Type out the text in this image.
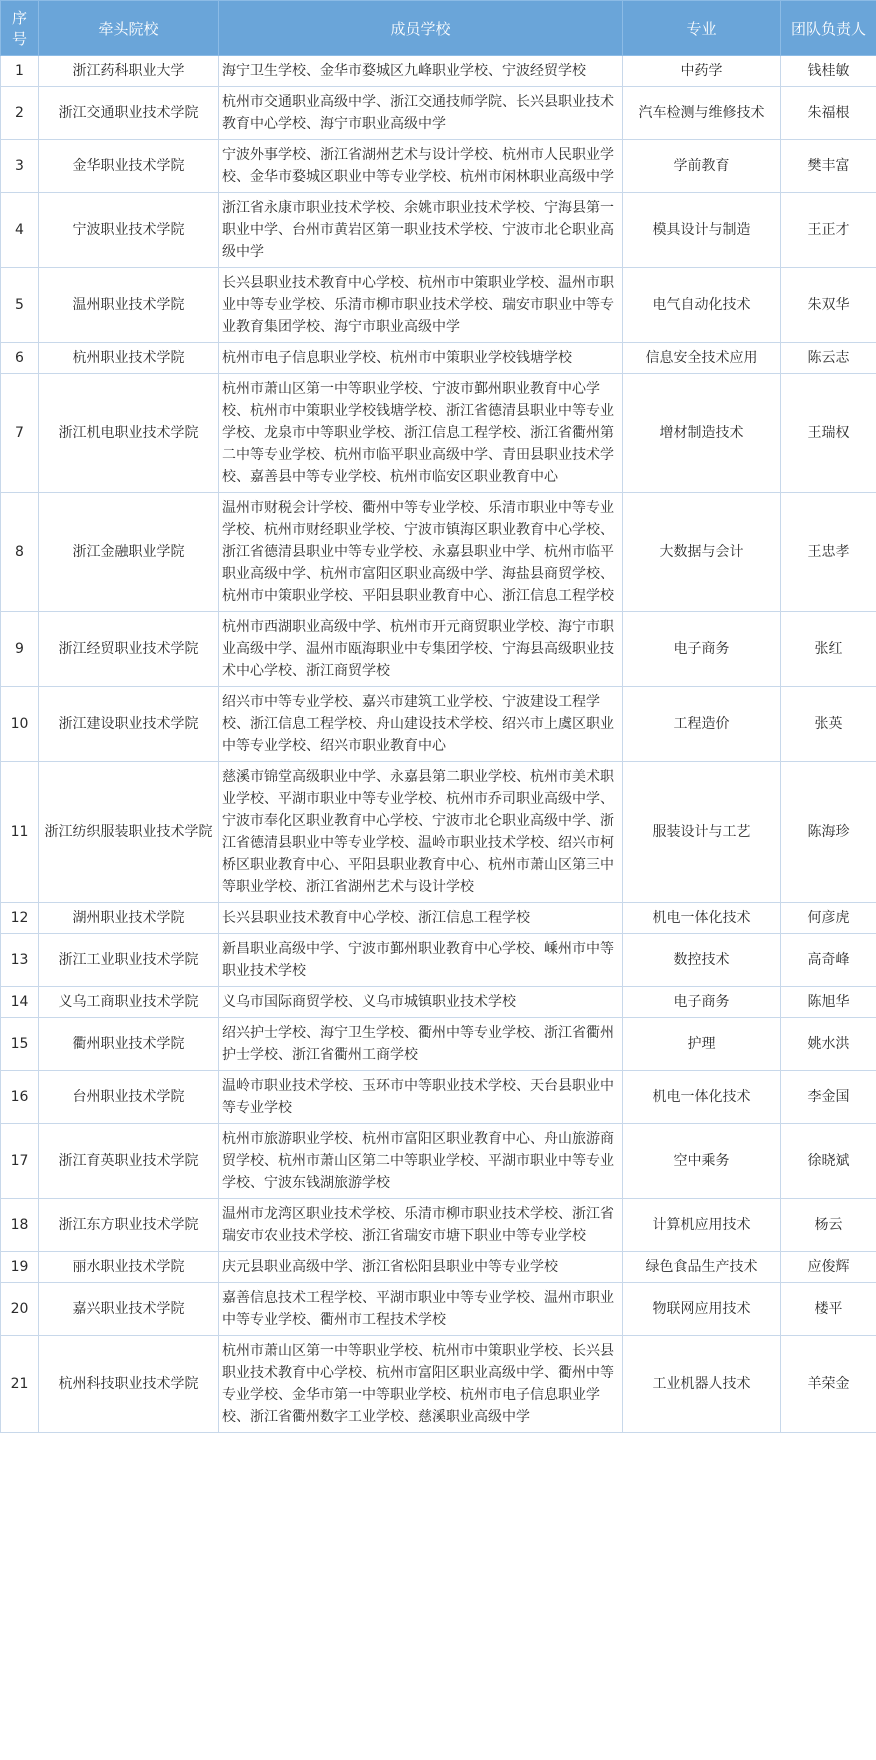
序号	牵头院校	成员学校	专业	团队负责人
1	浙江药科职业大学	海宁卫生学校、金华市婺城区九峰职业学校、宁波经贸学校	中药学	钱桂敏
2	浙江交通职业技术学院	杭州市交通职业高级中学、浙江交通技师学院、长兴县职业技术教育中心学校、海宁市职业高级中学	汽车检测与维修技术	朱福根
3	金华职业技术学院	宁波外事学校、浙江省湖州艺术与设计学校、杭州市人民职业学校、金华市婺城区职业中等专业学校、杭州市闲林职业高级中学	学前教育	樊丰富
4	宁波职业技术学院	浙江省永康市职业技术学校、余姚市职业技术学校、宁海县第一职业中学、台州市黄岩区第一职业技术学校、宁波市北仑职业高级中学	模具设计与制造	王正才
5	温州职业技术学院	长兴县职业技术教育中心学校、杭州市中策职业学校、温州市职业中等专业学校、乐清市柳市职业技术学校、瑞安市职业中等专业教育集团学校、海宁市职业高级中学	电气自动化技术	朱双华
6	杭州职业技术学院	杭州市电子信息职业学校、杭州市中策职业学校钱塘学校	信息安全技术应用	陈云志
7	浙江机电职业技术学院	杭州市萧山区第一中等职业学校、宁波市鄞州职业教育中心学校、杭州市中策职业学校钱塘学校、浙江省德清县职业中等专业学校、龙泉市中等职业学校、浙江信息工程学校、浙江省衢州第二中等专业学校、杭州市临平职业高级中学、青田县职业技术学校、嘉善县中等专业学校、杭州市临安区职业教育中心	增材制造技术	王瑞权
8	浙江金融职业学院	温州市财税会计学校、衢州中等专业学校、乐清市职业中等专业学校、杭州市财经职业学校、宁波市镇海区职业教育中心学校、浙江省德清县职业中等专业学校、永嘉县职业中学、杭州市临平职业高级中学、杭州市富阳区职业高级中学、海盐县商贸学校、杭州市中策职业学校、平阳县职业教育中心、浙江信息工程学校	大数据与会计	王忠孝
9	浙江经贸职业技术学院	杭州市西湖职业高级中学、杭州市开元商贸职业学校、海宁市职业高级中学、温州市瓯海职业中专集团学校、宁海县高级职业技术中心学校、浙江商贸学校	电子商务	张红
10	浙江建设职业技术学院	绍兴市中等专业学校、嘉兴市建筑工业学校、宁波建设工程学校、浙江信息工程学校、舟山建设技术学校、绍兴市上虞区职业中等专业学校、绍兴市职业教育中心	工程造价	张英
11	浙江纺织服装职业技术学院	慈溪市锦堂高级职业中学、永嘉县第二职业学校、杭州市美术职业学校、平湖市职业中等专业学校、杭州市乔司职业高级中学、宁波市奉化区职业教育中心学校、宁波市北仑职业高级中学、浙江省德清县职业中等专业学校、温岭市职业技术学校、绍兴市柯桥区职业教育中心、平阳县职业教育中心、杭州市萧山区第三中等职业学校、浙江省湖州艺术与设计学校	服装设计与工艺	陈海珍
12	湖州职业技术学院	长兴县职业技术教育中心学校、浙江信息工程学校	机电一体化技术	何彦虎
13	浙江工业职业技术学院	新昌职业高级中学、宁波市鄞州职业教育中心学校、嵊州市中等职业技术学校	数控技术	高奇峰
14	义乌工商职业技术学院	义乌市国际商贸学校、义乌市城镇职业技术学校	电子商务	陈旭华
15	衢州职业技术学院	绍兴护士学校、海宁卫生学校、衢州中等专业学校、浙江省衢州护士学校、浙江省衢州工商学校	护理	姚水洪
16	台州职业技术学院	温岭市职业技术学校、玉环市中等职业技术学校、天台县职业中等专业学校	机电一体化技术	李金国
17	浙江育英职业技术学院	杭州市旅游职业学校、杭州市富阳区职业教育中心、舟山旅游商贸学校、杭州市萧山区第二中等职业学校、平湖市职业中等专业学校、宁波东钱湖旅游学校	空中乘务	徐晓斌
18	浙江东方职业技术学院	温州市龙湾区职业技术学校、乐清市柳市职业技术学校、浙江省瑞安市农业技术学校、浙江省瑞安市塘下职业中等专业学校	计算机应用技术	杨云
19	丽水职业技术学院	庆元县职业高级中学、浙江省松阳县职业中等专业学校	绿色食品生产技术	应俊辉
20	嘉兴职业技术学院	嘉善信息技术工程学校、平湖市职业中等专业学校、温州市职业中等专业学校、衢州市工程技术学校	物联网应用技术	楼平
21	杭州科技职业技术学院	杭州市萧山区第一中等职业学校、杭州市中策职业学校、长兴县职业技术教育中心学校、杭州市富阳区职业高级中学、衢州中等专业学校、金华市第一中等职业学校、杭州市电子信息职业学校、浙江省衢州数字工业学校、慈溪职业高级中学	工业机器人技术	羊荣金
